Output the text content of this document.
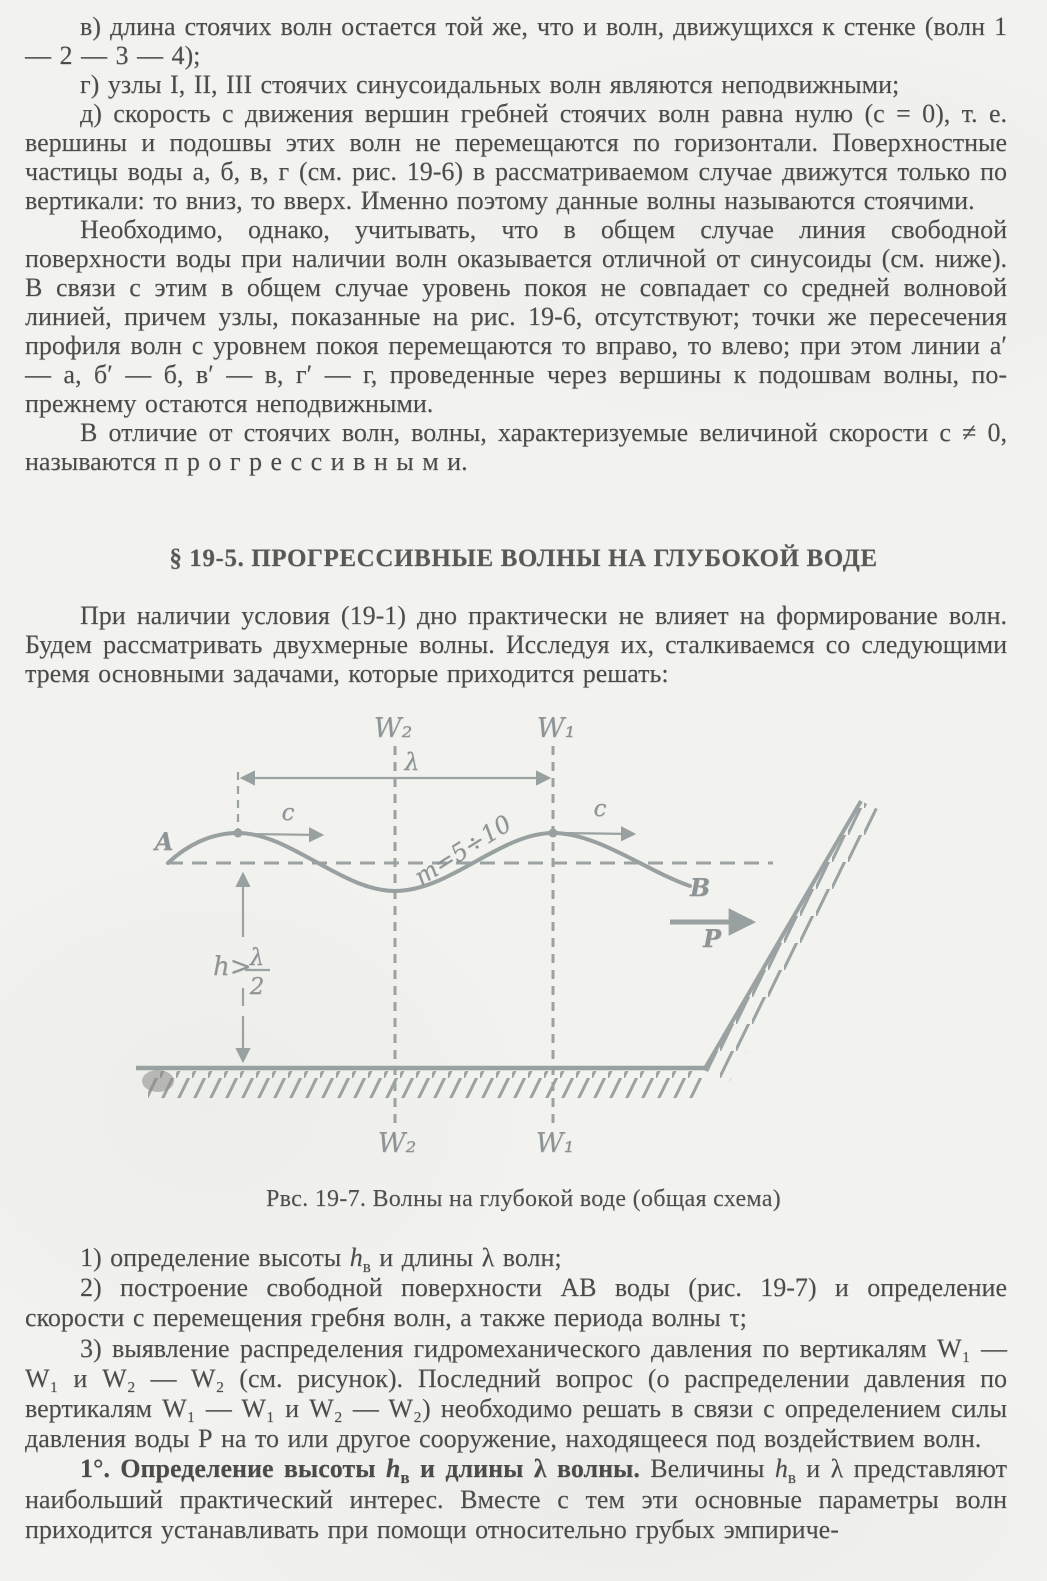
в) длина стоячих волн остается той же, что и волн, движущихся к стенке (волн 1 — 2 — 3 — 4);

г) узлы I, II, III стоячих синусоидальных волн являются неподвижными;

д) скорость с движения вершин гребней стоячих волн равна нулю (с = 0), т. е. вершины и подошвы этих волн не перемещаются по горизонтали. Поверхностные частицы воды а, б, в, г (см. рис. 19-6) в рассматриваемом случае движутся только по вертикали: то вниз, то вверх. Именно поэтому данные волны называются стоячими.

Необходимо, однако, учитывать, что в общем случае линия свободной поверхности воды при наличии волн оказывается отличной от синусоиды (см. ниже). В связи с этим в общем случае уровень покоя не совпадает со средней волновой линией, причем узлы, показанные на рис. 19-6, отсутствуют; точки же пересечения профиля волн с уровнем покоя перемещаются то вправо, то влево; при этом линии а′ — а, б′ — б, в′ — в, г′ — г, проведенные через вершины к подошвам волны, по-прежнему остаются неподвижными.

В отличие от стоячих волн, волны, характеризуемые величиной скорости с ≠ 0, называются п р о г р е с с и в н ы м и.

§ 19-5. ПРОГРЕССИВНЫЕ ВОЛНЫ НА ГЛУБОКОЙ ВОДЕ

При наличии условия (19-1) дно практически не влияет на формирование волн. Будем рассматривать двухмерные волны. Исследуя их, сталкиваемся со следующими тремя основными задачами, которые приходится решать:

W₂	W₁
λ
c	c
A
B
m=5÷10
h>
λ
2
P
W₂	W₁
Рвс. 19-7. Волны на глубокой воде (общая схема)

1) определение высоты $h_в$ и длины λ волн;

2) построение свободной поверхности АВ воды (рис. 19-7) и определение скорости с перемещения гребня волн, а также периода волны τ;

3) выявление распределения гидромеханического давления по вертикалям W₁ — W₁ и W₂ — W₂ (см. рисунок). Последний вопрос (о распределении давления по вертикалям W₁ — W₁ и W₂ — W₂) необходимо решать в связи с определением силы давления воды Р на то или другое сооружение, находящееся под воздействием волн.

1°. Определение высоты $h_в$ и длины λ волны. Величины $h_в$ и λ представляют наибольший практический интерес. Вместе с тем эти основные параметры волн приходится устанавливать при помощи относительно грубых эмпириче-
